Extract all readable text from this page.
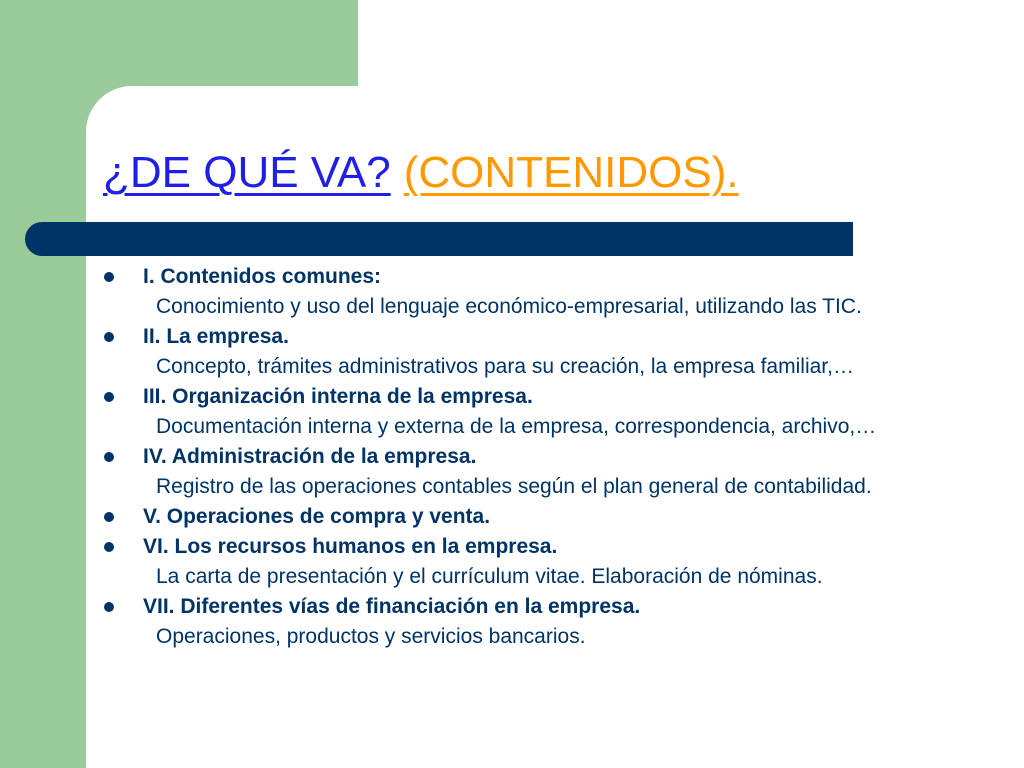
¿DE QUÉ VA? (CONTENIDOS).
I. Contenidos comunes:
Conocimiento y uso del lenguaje económico-empresarial, utilizando las TIC.
II. La empresa.
Concepto, trámites administrativos para su creación, la empresa familiar,…
III. Organización interna de la empresa.
Documentación interna y externa de la empresa, correspondencia, archivo,…
IV. Administración de la empresa.
Registro de las operaciones contables según el plan general de contabilidad.
V. Operaciones de compra y venta.
VI. Los recursos humanos en la empresa.
La carta de presentación y el currículum vitae. Elaboración de nóminas.
VII. Diferentes vías de financiación en la empresa.
Operaciones, productos y servicios bancarios.
